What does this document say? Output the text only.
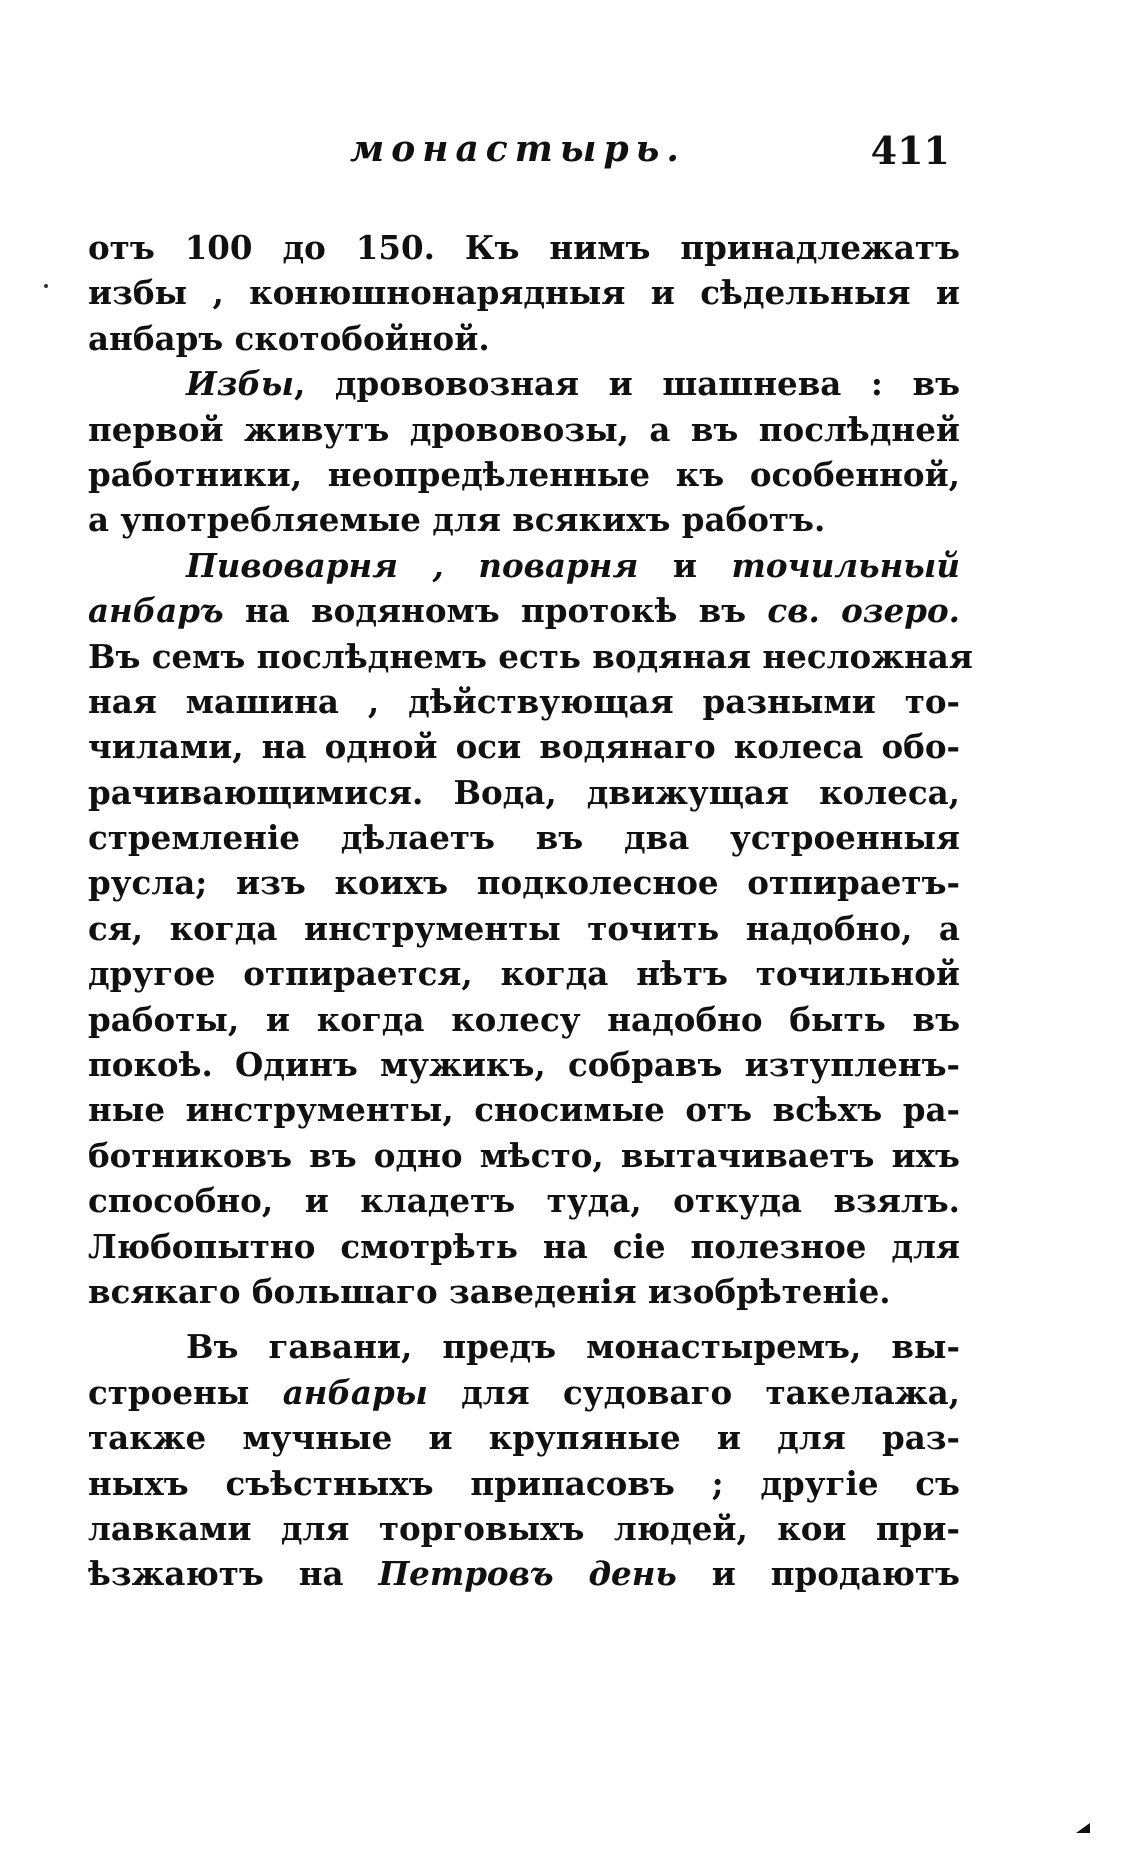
монастырь.	411
отъ 100 до 150. Къ нимъ принадлежатъ
избы , конюшнонарядныя и сѣдельныя и
анбаръ скотобойной.
Избы, дрововозная и шашнева : въ
первой живутъ дрововозы, а въ послѣдней
работники, неопредѣленные къ особенной,
а употребляемые для всякихъ работъ.
Пивоварня , поварня и точильный
анбаръ на водяномъ протокѣ въ св. озеро.
Въ семъ послѣднемъ есть водяная несложная
ная машина , дѣйствующая разными то-
чилами, на одной оси водянаго колеса обо-
рачивающимися. Вода, движущая колеса,
стремленіе дѣлаетъ въ два устроенныя
русла; изъ коихъ подколесное отпираетъ-
ся, когда инструменты точить надобно, а
другое отпирается, когда нѣтъ точильной
работы, и когда колесу надобно быть въ
покоѣ. Одинъ мужикъ, собравъ изтупленъ-
ные инструменты, сносимые отъ всѣхъ ра-
ботниковъ въ одно мѣсто, вытачиваетъ ихъ
способно, и кладетъ туда, откуда взялъ.
Любопытно смотрѣть на сіе полезное для
всякаго большаго заведенія изобрѣтеніе.
Въ гавани, предъ монастыремъ, вы-
строены анбары для судоваго такелажа,
также мучные и крупяные и для раз-
ныхъ съѣстныхъ припасовъ ; другіе съ
лавками для торговыхъ людей, кои при-
ѣзжаютъ на Петровъ день и продаютъ
